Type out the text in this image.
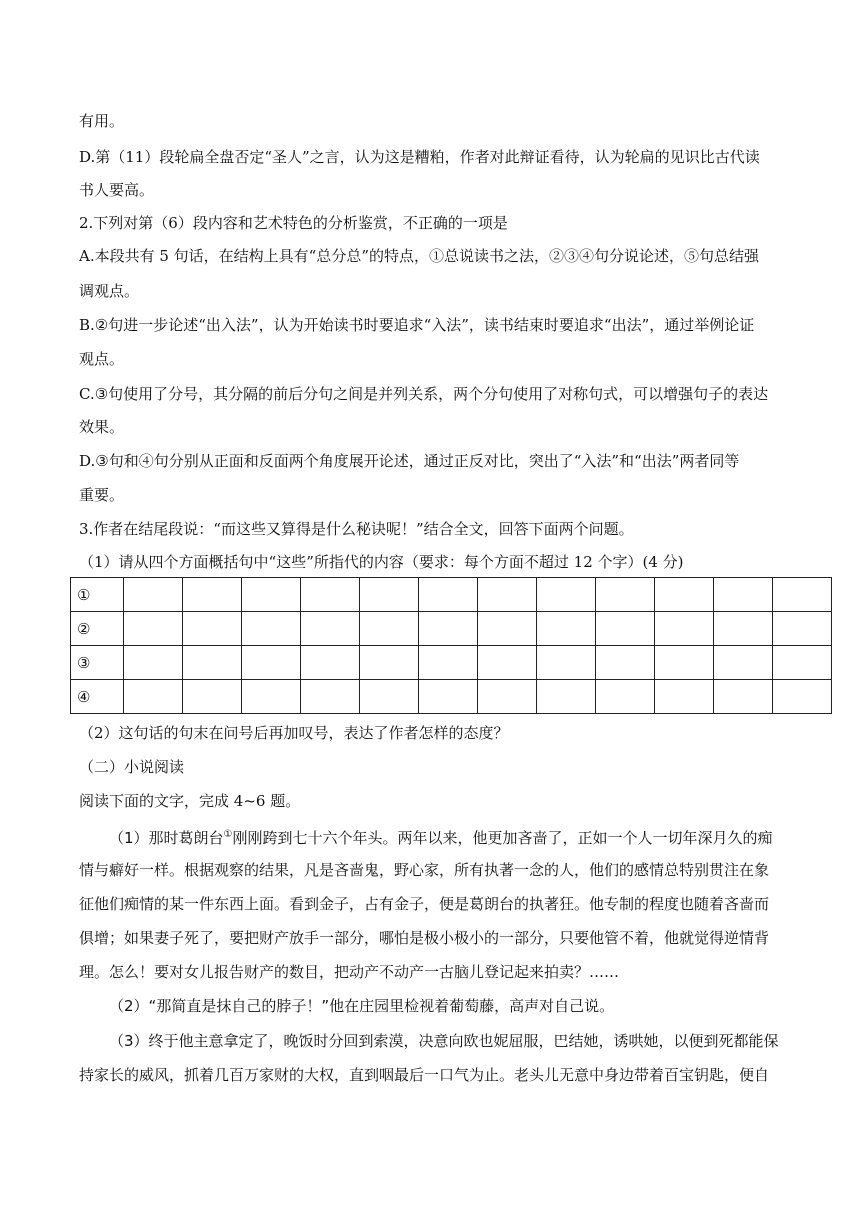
有用。
D.第（11）段轮扁全盘否定“圣人”之言，认为这是糟粕，作者对此辩证看待，认为轮扁的见识比古代读
书人要高。
2.下列对第（6）段内容和艺术特色的分析鉴赏，不正确的一项是
A.本段共有 5 句话，在结构上具有“总分总”的特点，①总说读书之法，②③④句分说论述，⑤句总结强
调观点。
B.②句进一步论述“出入法”，认为开始读书时要追求“入法”，读书结束时要追求“出法”，通过举例论证
观点。
C.③句使用了分号，其分隔的前后分句之间是并列关系，两个分句使用了对称句式，可以增强句子的表达
效果。
D.③句和④句分别从正面和反面两个角度展开论述，通过正反对比，突出了“入法”和“出法”两者同等
重要。
3.作者在结尾段说：“而这些又算得是什么秘诀呢！”结合全文，回答下面两个问题。
（1）请从四个方面概括句中“这些”所指代的内容（要求：每个方面不超过 12 个字）(4 分)
①												
②												
③												
④												
（2）这句话的句末在问号后再加叹号，表达了作者怎样的态度？
（二）小说阅读
阅读下面的文字，完成 4~6 题。
（1）那时葛朗台①刚刚跨到七十六个年头。两年以来，他更加吝啬了，正如一个人一切年深月久的痴
情与癖好一样。根据观察的结果，凡是吝啬鬼，野心家，所有执著一念的人，他们的感情总特别贯注在象
征他们痴情的某一件东西上面。看到金子，占有金子，便是葛朗台的执著狂。他专制的程度也随着吝啬而
俱增；如果妻子死了，要把财产放手一部分，哪怕是极小极小的一部分，只要他管不着，他就觉得逆情背
理。怎么！要对女儿报告财产的数目，把动产不动产一古脑儿登记起来拍卖？……
（2）“那简直是抹自己的脖子！”他在庄园里检视着葡萄藤，高声对自己说。
（3）终于他主意拿定了，晚饭时分回到索漠，决意向欧也妮屈服，巴结她，诱哄她，以便到死都能保
持家长的威风，抓着几百万家财的大权，直到咽最后一口气为止。老头儿无意中身边带着百宝钥匙，便自
